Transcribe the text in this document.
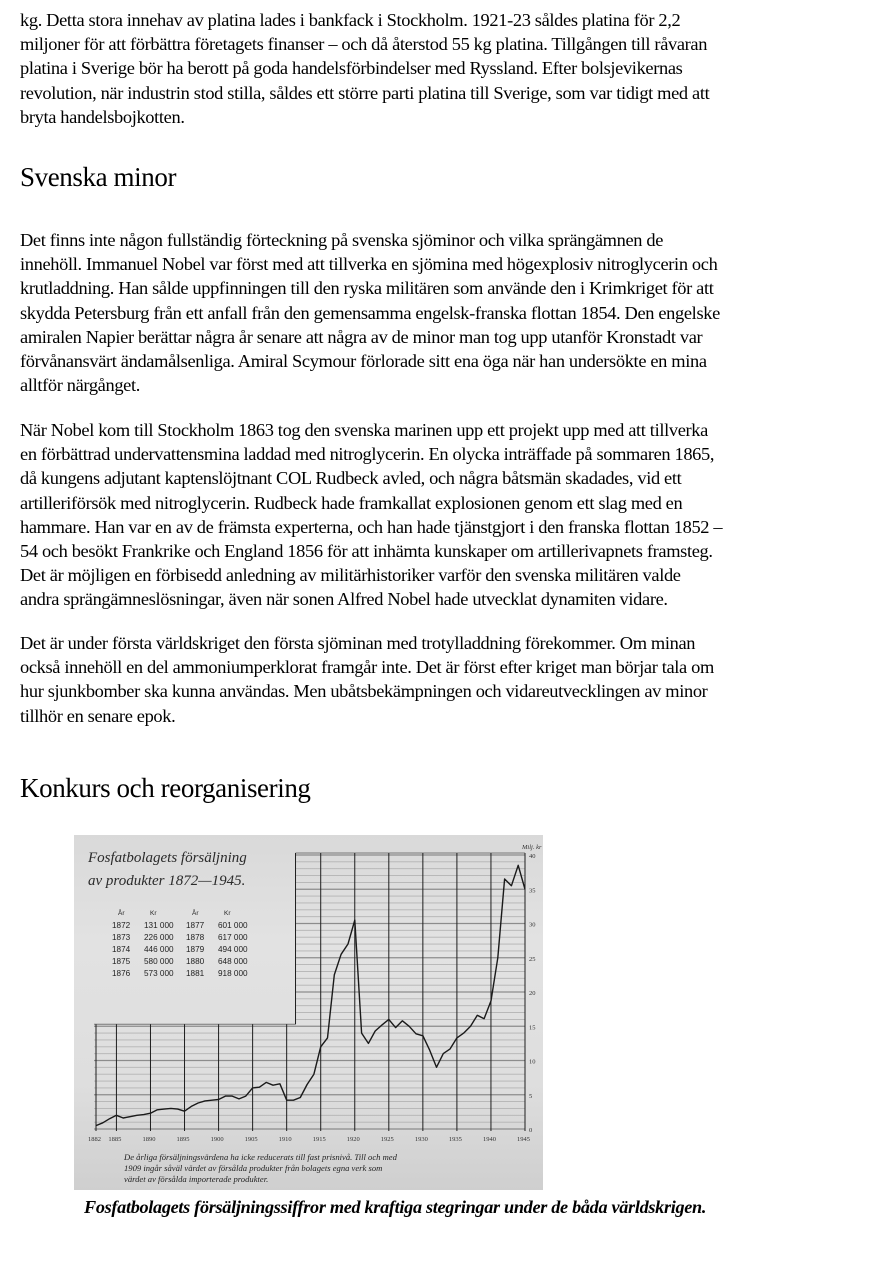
kg. Detta stora innehav av platina lades i bankfack i Stockholm. 1921-23 såldes platina för 2,2
miljoner för att förbättra företagets finanser – och då återstod 55 kg platina. Tillgången till råvaran
platina i Sverige bör ha berott på goda handelsförbindelser med Ryssland. Efter bolsjevikernas
revolution, när industrin stod stilla, såldes ett större parti platina till Sverige, som var tidigt med att
bryta handelsbojkotten.

Svenska minor

Det finns inte någon fullständig förteckning på svenska sjöminor och vilka sprängämnen de
innehöll. Immanuel Nobel var först med att tillverka en sjömina med högexplosiv nitroglycerin och
krutladdning. Han sålde uppfinningen till den ryska militären som använde den i Krimkriget för att
skydda Petersburg från ett anfall från den gemensamma engelsk-franska flottan 1854. Den engelske
amiralen Napier berättar några år senare att några av de minor man tog upp utanför Kronstadt var
förvånansvärt ändamålsenliga. Amiral Scymour förlorade sitt ena öga när han undersökte en mina
alltför närgånget.

När Nobel kom till Stockholm 1863 tog den svenska marinen upp ett projekt upp med att tillverka
en förbättrad undervattensmina laddad med nitroglycerin. En olycka inträffade på sommaren 1865,
då kungens adjutant kaptenslöjtnant COL Rudbeck avled, och några båtsmän skadades, vid ett
artilleriförsök med nitroglycerin. Rudbeck hade framkallat explosionen genom ett slag med en
hammare. Han var en av de främsta experterna, och han hade tjänstgjort i den franska flottan 1852 –
54 och besökt Frankrike och England 1856 för att inhämta kunskaper om artillerivapnets framsteg.
Det är möjligen en förbisedd anledning av militärhistoriker varför den svenska militären valde
andra sprängämneslösningar, även när sonen Alfred Nobel hade utvecklat dynamiten vidare.

Det är under första världskriget den första sjöminan med trotylladdning förekommer. Om minan
också innehöll en del ammoniumperklorat framgår inte. Det är först efter kriget man börjar tala om
hur sjunkbomber ska kunna användas. Men ubåtsbekämpningen och vidareutvecklingen av minor
tillhör en senare epok.

Konkurs och reorganisering
Fosfatbolagets försäljning
av produkter 1872—1945.
År	Kr	År	Kr
1872 131 000 1877 601 000
1873 226 000 1878 617 000
1874 446 000 1879 494 000
1875 580 000 1880 648 000
1876 573 000 1881 918 000
1882 1885	1890	1895	1900	1905	1910	1915	1920	1925	1930	1935	1940	1945
0
5
10
15
20
25
30
35
40
Milj. kr
De årliga försäljningsvärdena ha icke reducerats till fast prisnivå. Till och med
1909 ingår såväl värdet av försålda produkter från bolagets egna verk som
värdet av försålda importerade produkter.

Fosfatbolagets försäljningssiffror med kraftiga stegringar under de båda världskrigen.
